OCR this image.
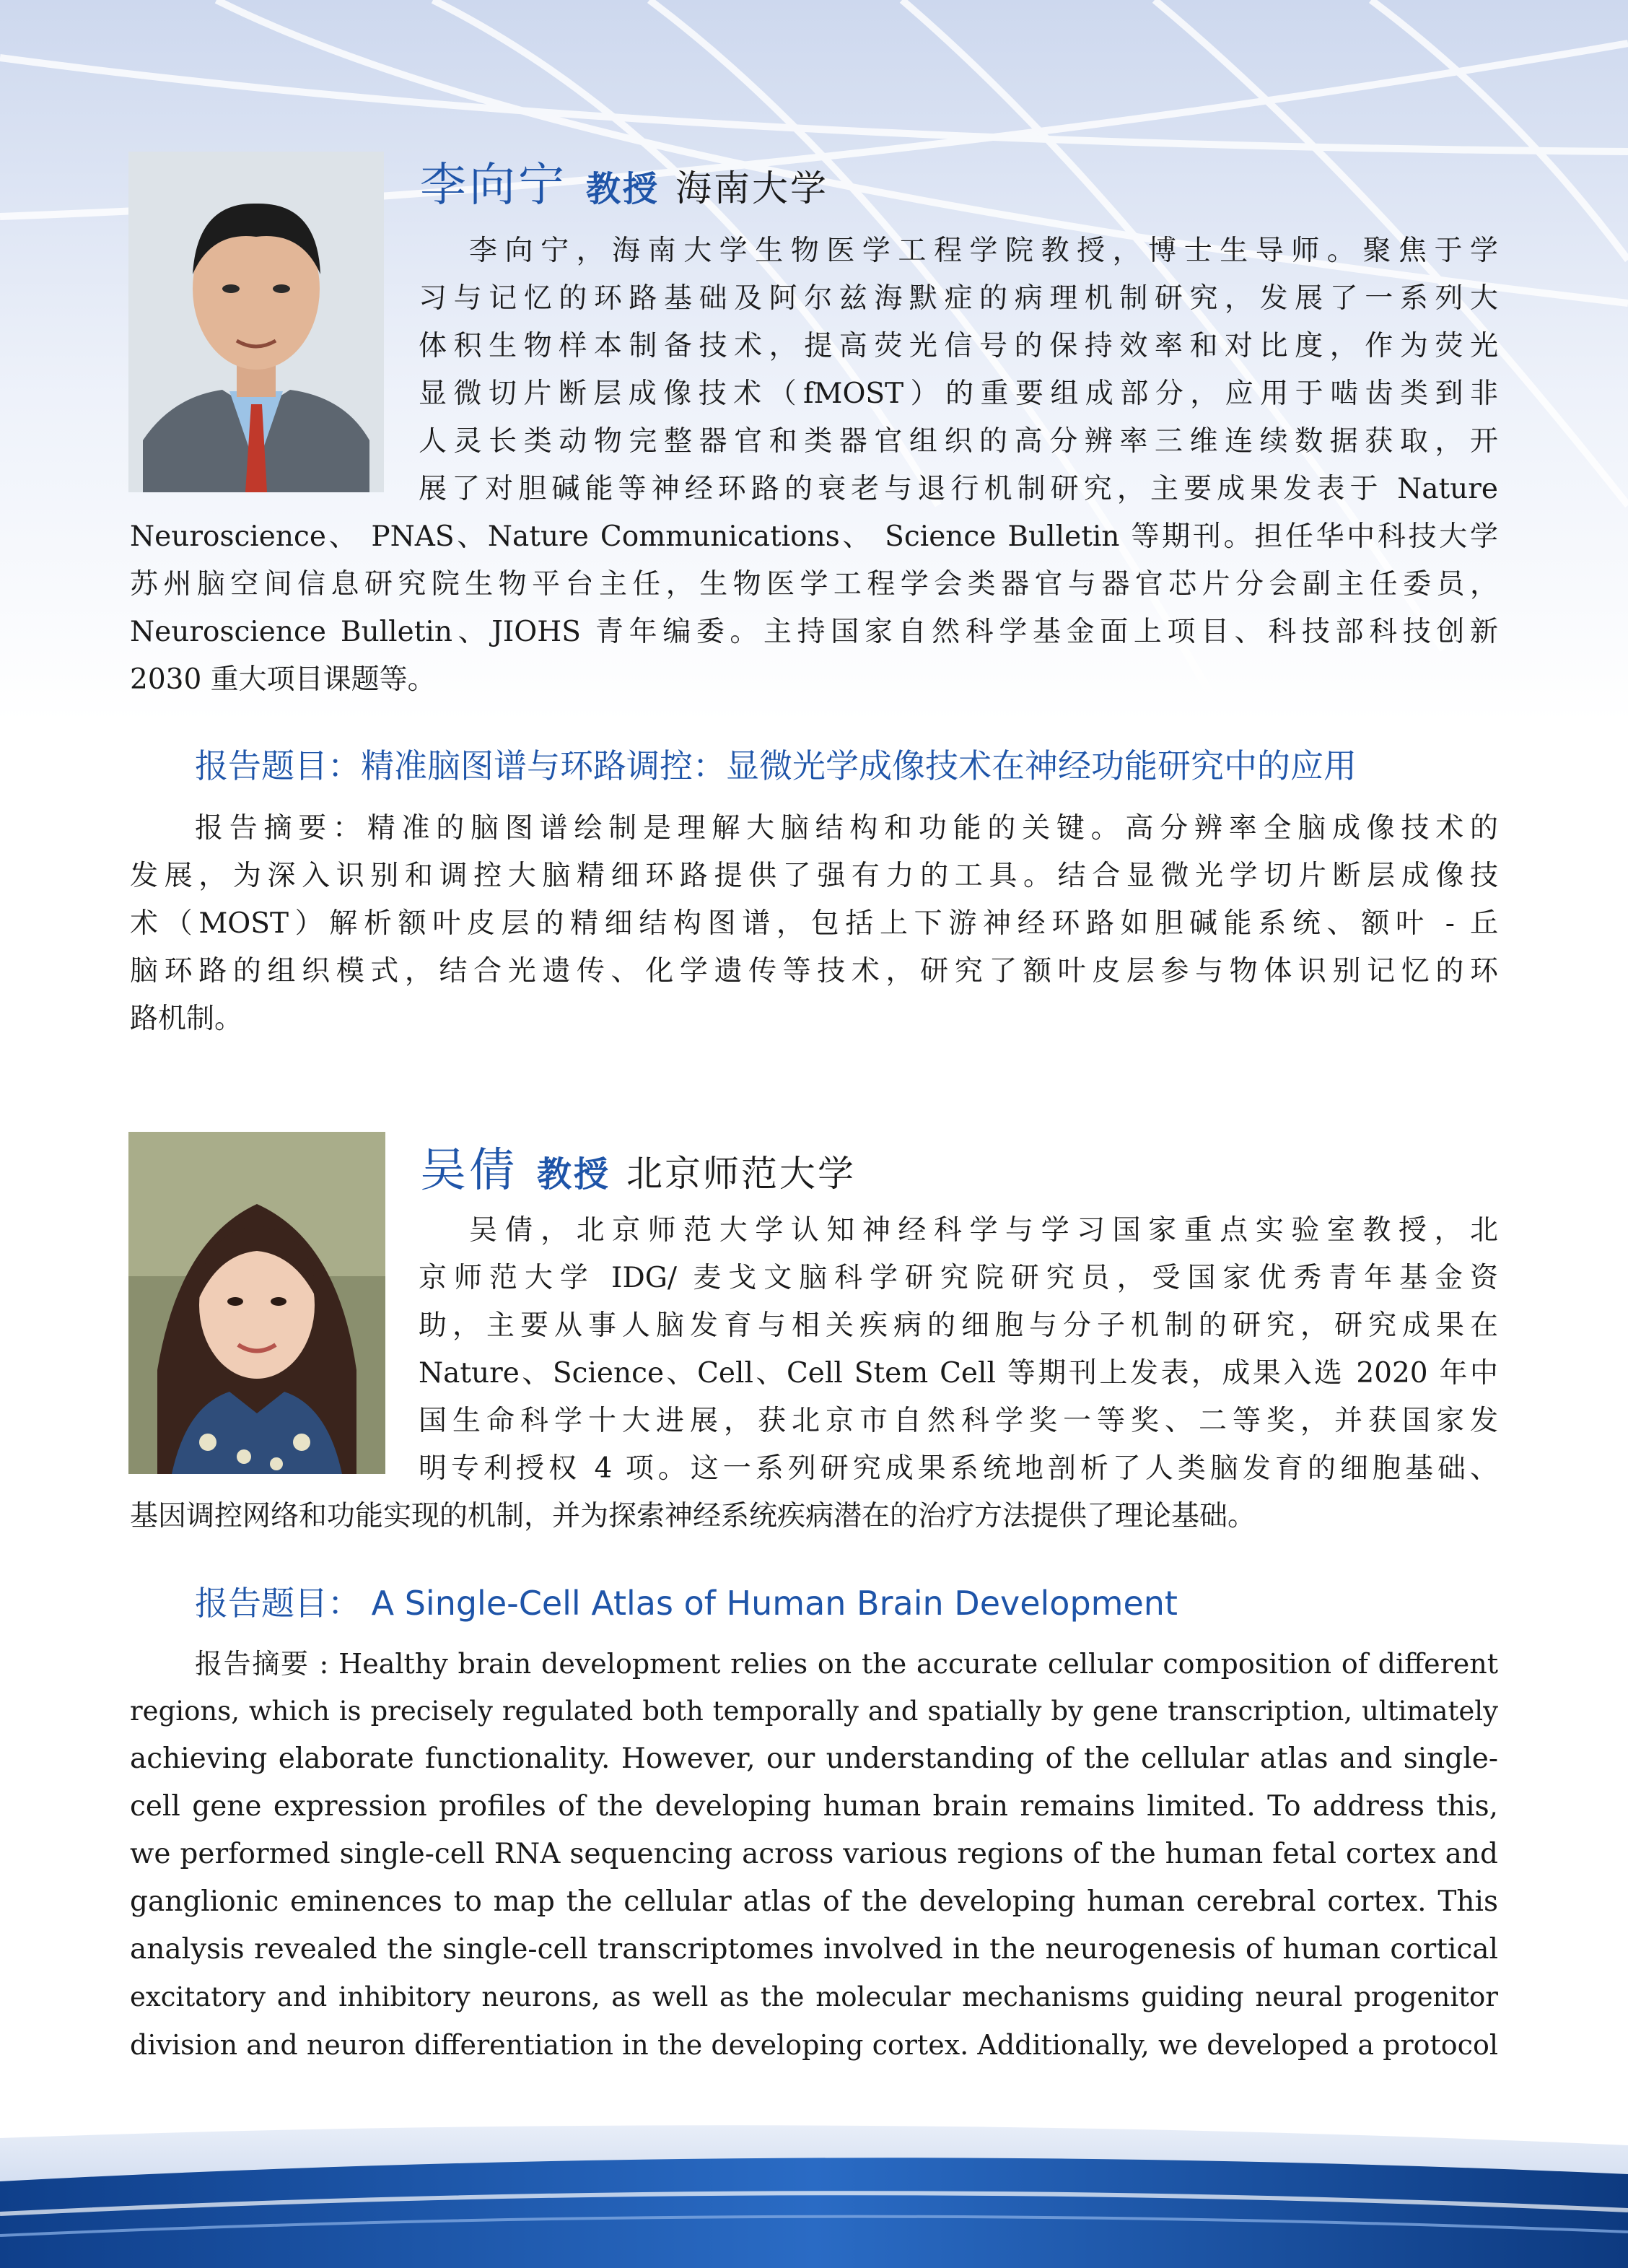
李向宁 教授 海南大学
李向宁，海南大学生物医学工程学院教授，博士生导师。聚焦于学
习与记忆的环路基础及阿尔兹海默症的病理机制研究，发展了一系列大
体积生物样本制备技术，提高荧光信号的保持效率和对比度，作为荧光
显微切片断层成像技术（fMOST）的重要组成部分，应用于啮齿类到非
人灵长类动物完整器官和类器官组织的高分辨率三维连续数据获取，开
展了对胆碱能等神经环路的衰老与退行机制研究，主要成果发表于 Nature
Neuroscience、 PNAS、Nature Communications、 Science Bulletin 等期刊。担任华中科技大学
苏州脑空间信息研究院生物平台主任，生物医学工程学会类器官与器官芯片分会副主任委员，
Neuroscience Bulletin、JIOHS 青年编委。主持国家自然科学基金面上项目、科技部科技创新
2030 重大项目课题等。
报告题目：精准脑图谱与环路调控：显微光学成像技术在神经功能研究中的应用
报告摘要：精准的脑图谱绘制是理解大脑结构和功能的关键。高分辨率全脑成像技术的
发展，为深入识别和调控大脑精细环路提供了强有力的工具。结合显微光学切片断层成像技
术（MOST）解析额叶皮层的精细结构图谱，包括上下游神经环路如胆碱能系统、额叶 - 丘
脑环路的组织模式，结合光遗传、化学遗传等技术，研究了额叶皮层参与物体识别记忆的环
路机制。
吴倩 教授 北京师范大学
吴倩，北京师范大学认知神经科学与学习国家重点实验室教授，北
京师范大学 IDG/ 麦戈文脑科学研究院研究员，受国家优秀青年基金资
助，主要从事人脑发育与相关疾病的细胞与分子机制的研究，研究成果在
Nature、Science、Cell、Cell Stem Cell 等期刊上发表，成果入选 2020 年中
国生命科学十大进展，获北京市自然科学奖一等奖、二等奖，并获国家发
明专利授权 4 项。这一系列研究成果系统地剖析了人类脑发育的细胞基础、
基因调控网络和功能实现的机制，并为探索神经系统疾病潜在的治疗方法提供了理论基础。
报告题目： A Single-Cell Atlas of Human Brain Development
报告摘要 : Healthy brain development relies on the accurate cellular composition of different
regions, which is precisely regulated both temporally and spatially by gene transcription, ultimately
achieving elaborate functionality. However, our understanding of the cellular atlas and single-
cell gene expression profiles of the developing human brain remains limited. To address this,
we performed single-cell RNA sequencing across various regions of the human fetal cortex and
ganglionic eminences to map the cellular atlas of the developing human cerebral cortex. This
analysis revealed the single-cell transcriptomes involved in the neurogenesis of human cortical
excitatory and inhibitory neurons, as well as the molecular mechanisms guiding neural progenitor
division and neuron differentiation in the developing cortex. Additionally, we developed a protocol
